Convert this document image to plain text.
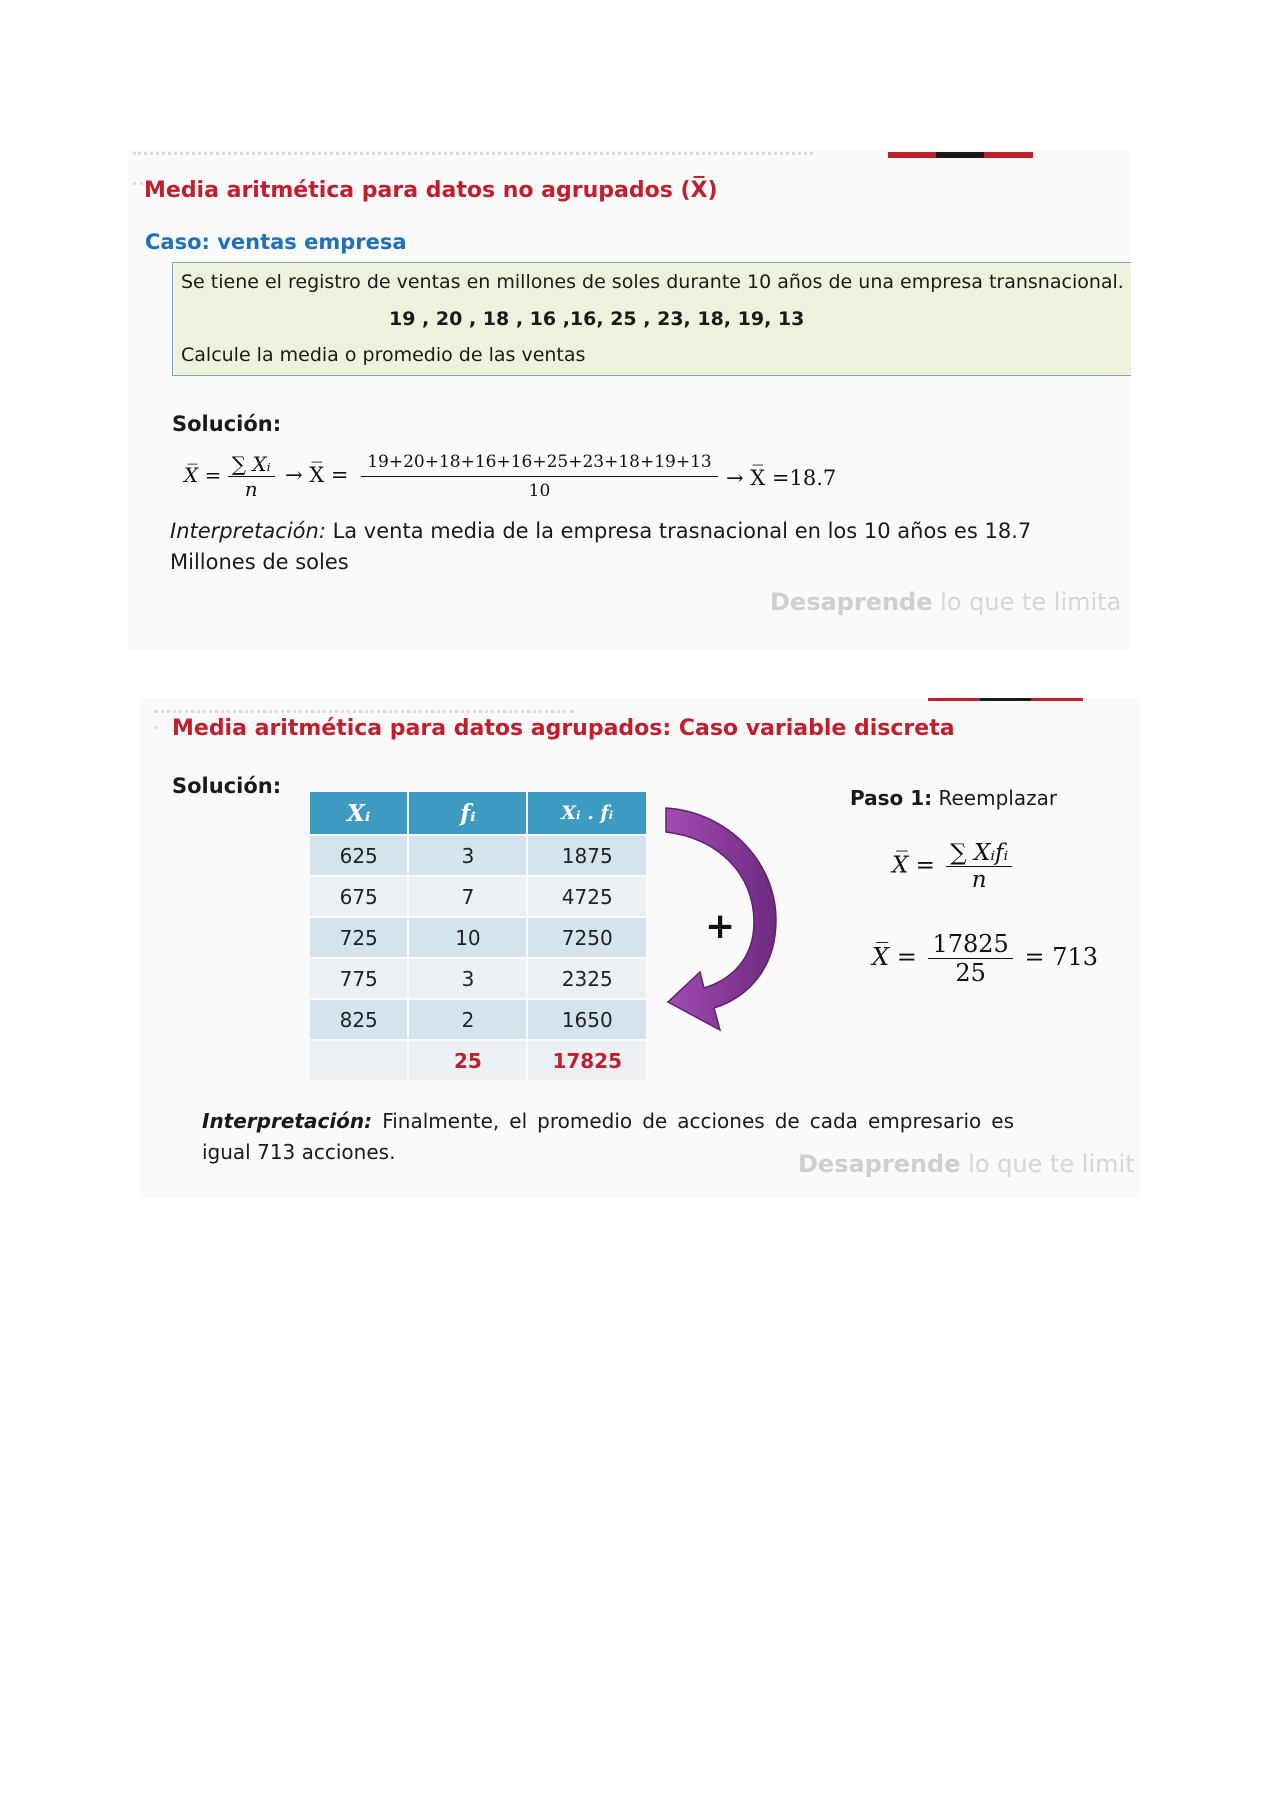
Media aritmética para datos no agrupados (X̅)
Caso: ventas empresa
Se tiene el registro de ventas en millones de soles durante 10 años de una empresa transnacional.
19 , 20 , 18 , 16 ,16, 25 , 23, 18, 19, 13
Calcule la media o promedio de las ventas
Solución:
X̅ = $\frac{\text{∑ Xᵢ}}{n}$ → X̅ = $\frac{19+20+18+16+16+25+23+18+19+13}{10}$ → X̅ =18.7
Interpretación: La venta media de la empresa trasnacional en los 10 años es 18.7
Millones de soles
Desaprende lo que te limita
Media aritmética para datos agrupados: Caso variable discreta
Solución:
Xᵢ	fᵢ	Xᵢ . fᵢ
625	3	1875
675	7	4725
725	10	7250
775	3	2325
825	2	1650
	25	17825
+
Paso 1: Reemplazar
X̅ = $\frac{\text{∑ Xᵢfᵢ}}{n}$
X̅ = $\frac{17825}{25} = 713$
Interpretación: Finalmente, el promedio de acciones de cada empresario es igual 713 acciones.	Desaprende lo que te limit
